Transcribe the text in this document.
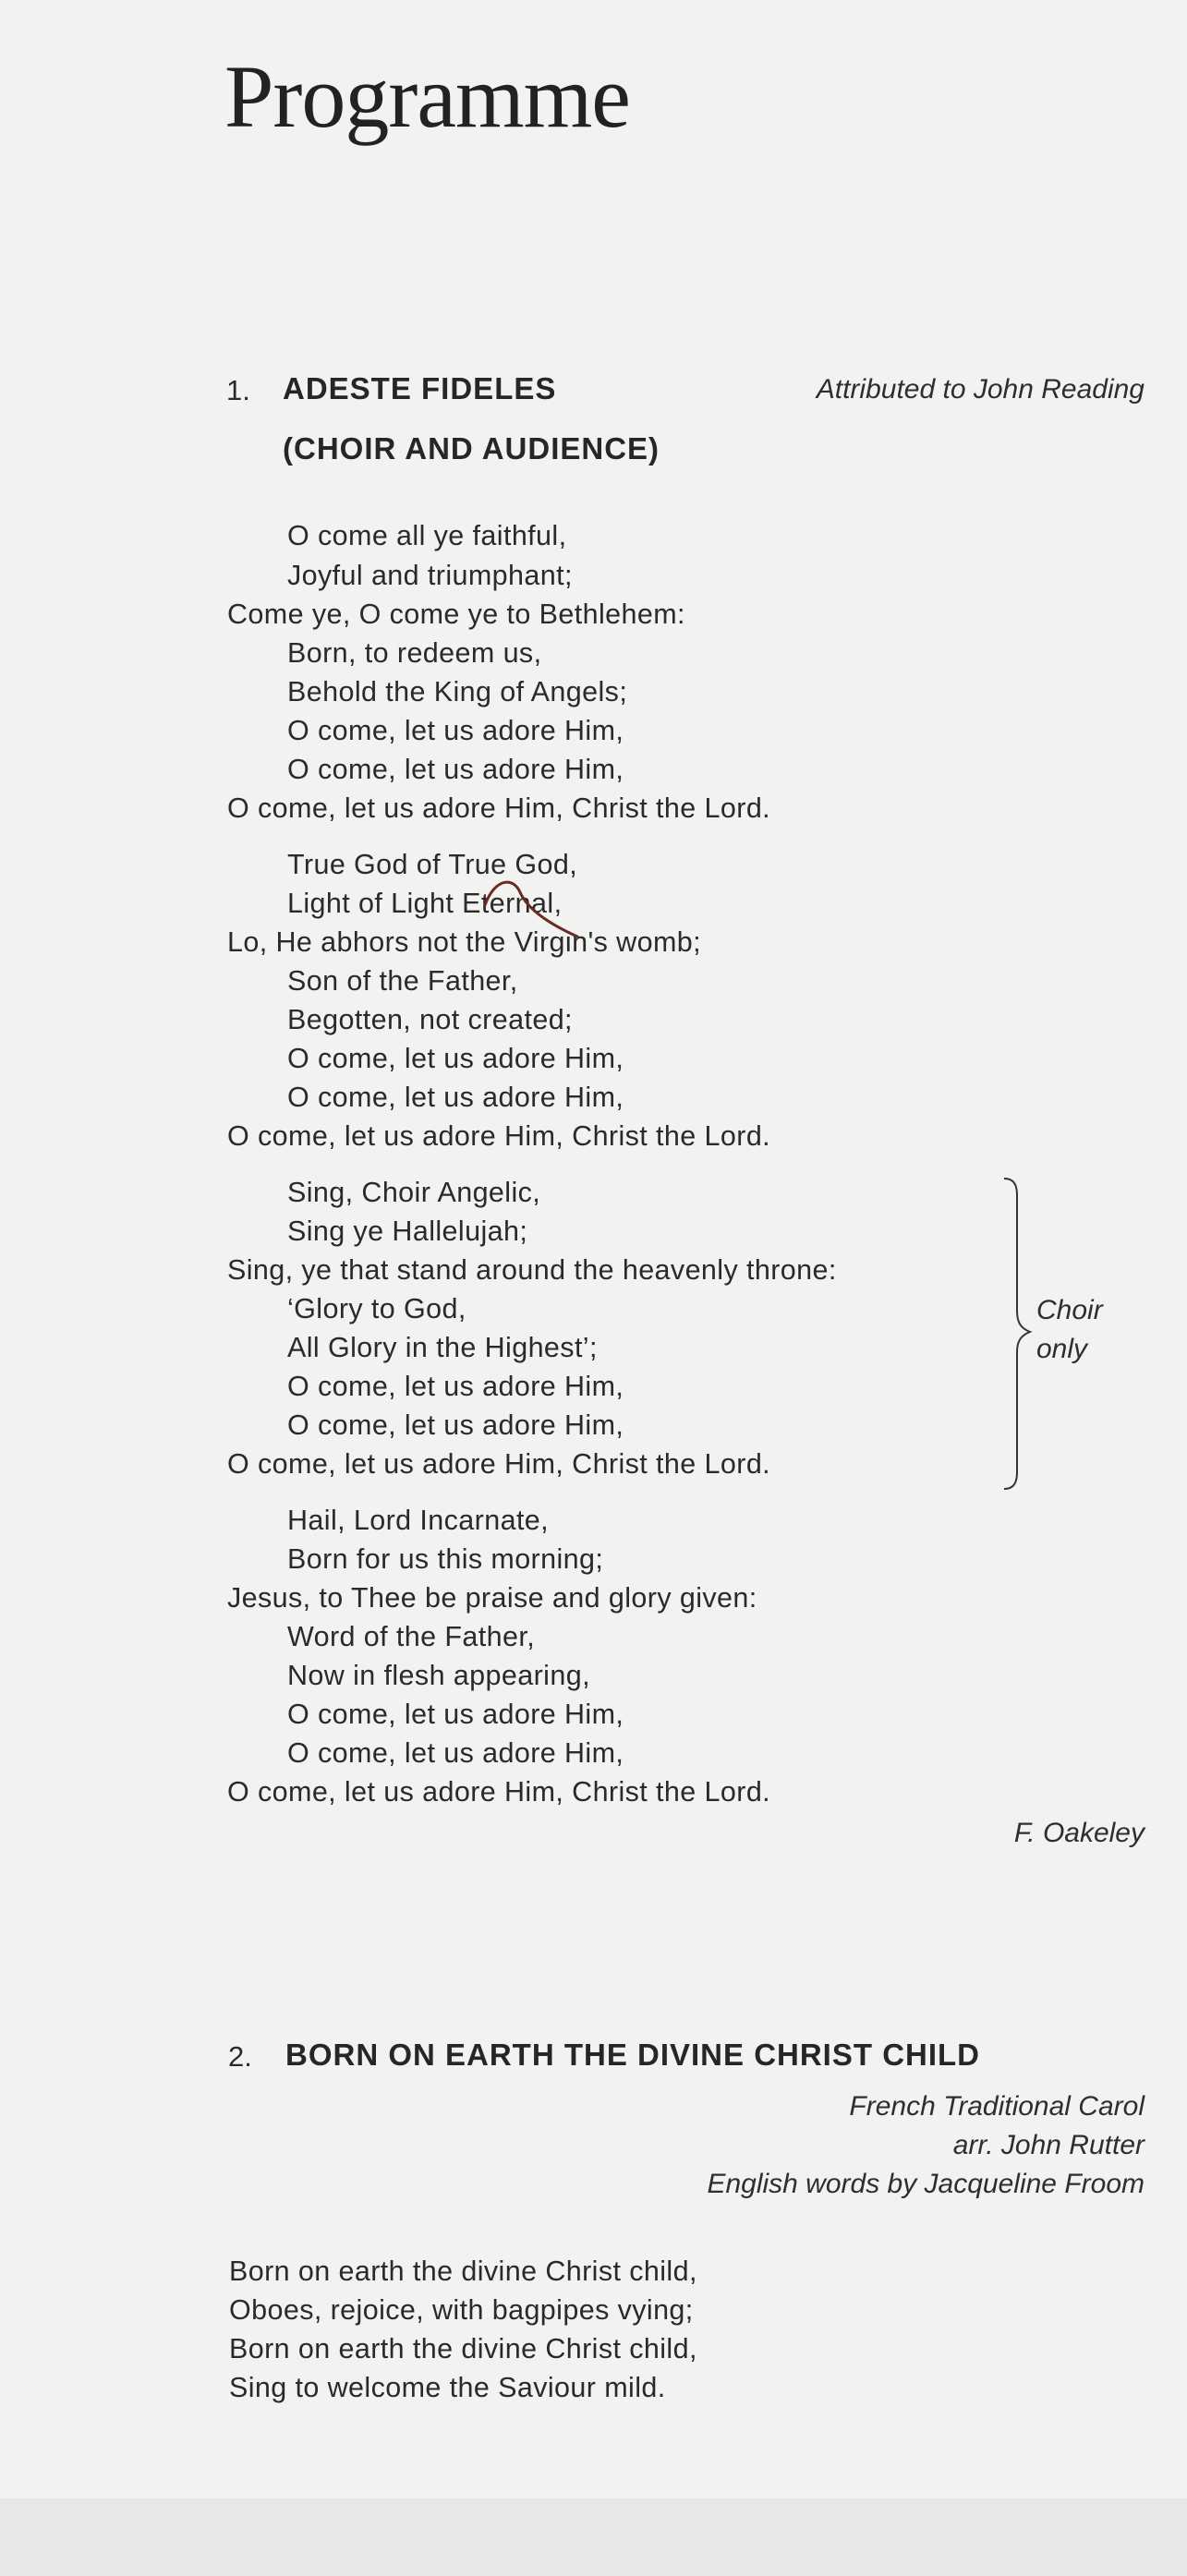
Programme
1. ADESTE FIDELES
(CHOIR AND AUDIENCE)
Attributed to John Reading
O come all ye faithful,
Joyful and triumphant;
Come ye, O come ye to Bethlehem:
Born, to redeem us,
Behold the King of Angels;
O come, let us adore Him,
O come, let us adore Him,
O come, let us adore Him, Christ the Lord.
True God of True God,
Light of Light Eternal,
Lo, He abhors not the Virgin's womb;
Son of the Father,
Begotten, not created;
O come, let us adore Him,
O come, let us adore Him,
O come, let us adore Him, Christ the Lord.
Sing, Choir Angelic,
Sing ye Hallelujah;
Sing, ye that stand around the heavenly throne:
‘Glory to God,
All Glory in the Highest’;
O come, let us adore Him,
O come, let us adore Him,
O come, let us adore Him, Christ the Lord.
Choir
only
Hail, Lord Incarnate,
Born for us this morning;
Jesus, to Thee be praise and glory given:
Word of the Father,
Now in flesh appearing,
O come, let us adore Him,
O come, let us adore Him,
O come, let us adore Him, Christ the Lord.
F. Oakeley
2. BORN ON EARTH THE DIVINE CHRIST CHILD
French Traditional Carol
arr. John Rutter
English words by Jacqueline Froom
Born on earth the divine Christ child,
Oboes, rejoice, with bagpipes vying;
Born on earth the divine Christ child,
Sing to welcome the Saviour mild.
